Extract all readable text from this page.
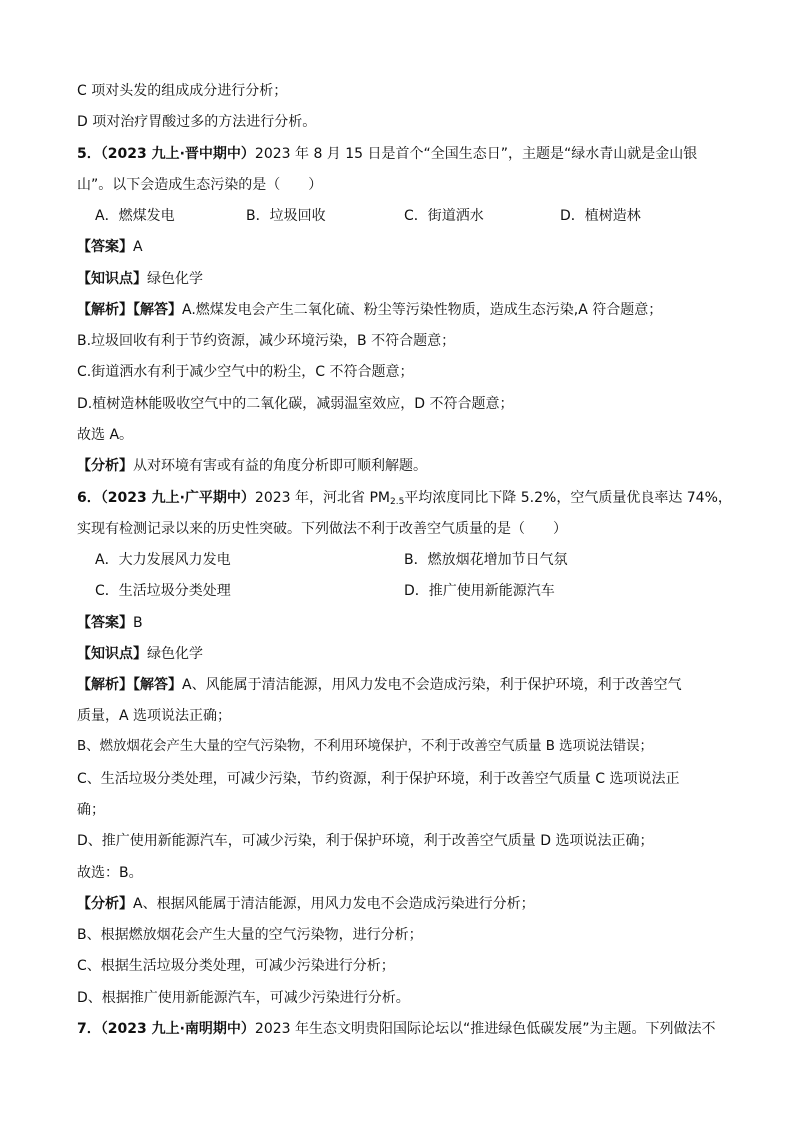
C 项对头发的组成成分进行分析；
D 项对治疗胃酸过多的方法进行分析。
5．（2023 九上·晋中期中）2023 年 8 月 15 日是首个“全国生态日”，主题是“绿水青山就是金山银
山”。以下会造成生态污染的是（　　）
A．燃煤发电	B．垃圾回收	C．街道洒水	D．植树造林
【答案】A
【知识点】绿色化学
【解析】【解答】A.燃煤发电会产生二氧化硫、粉尘等污染性物质，造成生态污染,A 符合题意；
B.垃圾回收有利于节约资源，减少环境污染，B 不符合题意；
C.街道洒水有利于减少空气中的粉尘，C 不符合题意；
D.植树造林能吸收空气中的二氧化碳，减弱温室效应，D 不符合题意；
故选 A。
【分析】从对环境有害或有益的角度分析即可顺利解题。
6．（2023 九上·广平期中）2023 年，河北省 $PM_{2.5}$平均浓度同比下降 5.2%，空气质量优良率达 74%，
实现有检测记录以来的历史性突破。下列做法不利于改善空气质量的是（　　）
A．大力发展风力发电	B．燃放烟花增加节日气氛
C．生活垃圾分类处理	D．推广使用新能源汽车
【答案】B
【知识点】绿色化学
【解析】【解答】A、风能属于清洁能源，用风力发电不会造成污染，利于保护环境，利于改善空气
质量，A 选项说法正确；
B、燃放烟花会产生大量的空气污染物，不利用环境保护，不利于改善空气质量 B 选项说法错误；
C、生活垃圾分类处理，可减少污染，节约资源，利于保护环境，利于改善空气质量 C 选项说法正
确；
D、推广使用新能源汽车，可减少污染，利于保护环境，利于改善空气质量 D 选项说法正确；
故选：B。
【分析】A、根据风能属于清洁能源，用风力发电不会造成污染进行分析；
B、根据燃放烟花会产生大量的空气污染物，进行分析；
C、根据生活垃圾分类处理，可减少污染进行分析；
D、根据推广使用新能源汽车，可减少污染进行分析。
7．（2023 九上·南明期中）2023 年生态文明贵阳国际论坛以“推进绿色低碳发展”为主题。下列做法不
